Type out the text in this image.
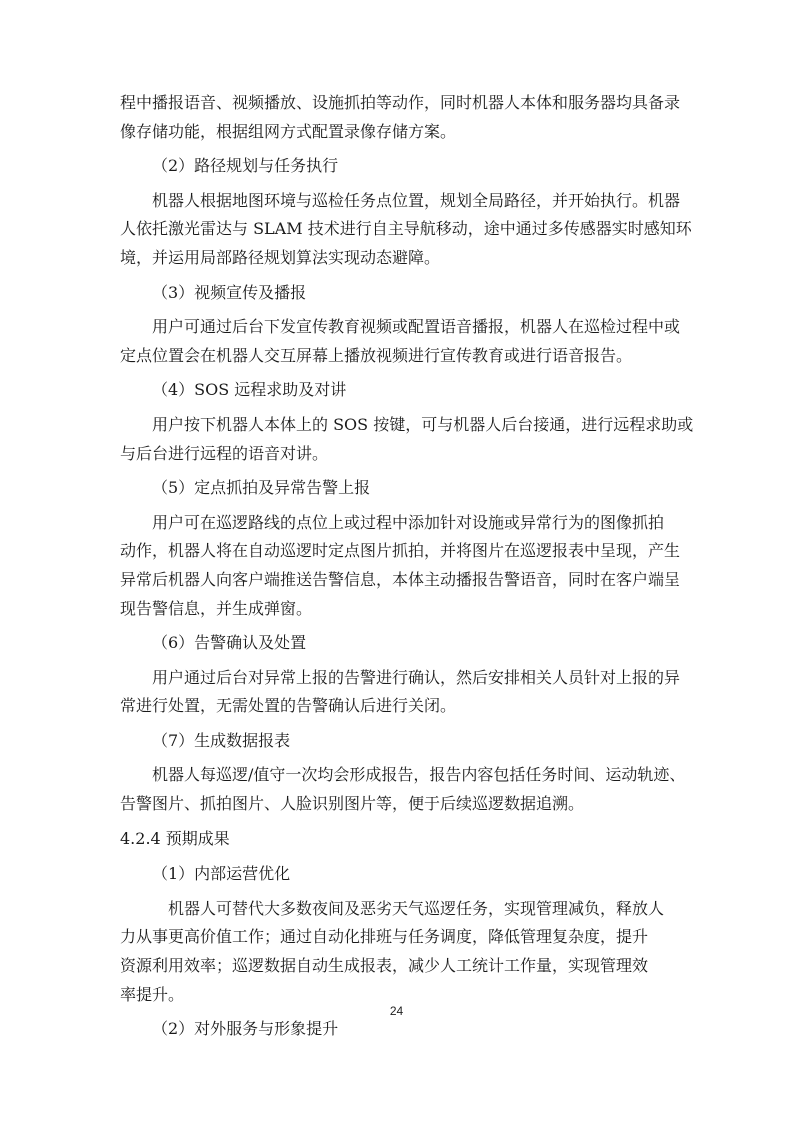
程中播报语音、视频播放、设施抓拍等动作，同时机器人本体和服务器均具备录
像存储功能，根据组网方式配置录像存储方案。
（2）路径规划与任务执行
机器人根据地图环境与巡检任务点位置，规划全局路径，并开始执行。机器
人依托激光雷达与 SLAM 技术进行自主导航移动，途中通过多传感器实时感知环
境，并运用局部路径规划算法实现动态避障。
（3）视频宣传及播报
用户可通过后台下发宣传教育视频或配置语音播报，机器人在巡检过程中或
定点位置会在机器人交互屏幕上播放视频进行宣传教育或进行语音报告。
（4）SOS 远程求助及对讲
用户按下机器人本体上的 SOS 按键，可与机器人后台接通，进行远程求助或
与后台进行远程的语音对讲。
（5）定点抓拍及异常告警上报
用户可在巡逻路线的点位上或过程中添加针对设施或异常行为的图像抓拍
动作，机器人将在自动巡逻时定点图片抓拍，并将图片在巡逻报表中呈现，产生
异常后机器人向客户端推送告警信息，本体主动播报告警语音，同时在客户端呈
现告警信息，并生成弹窗。
（6）告警确认及处置
用户通过后台对异常上报的告警进行确认，然后安排相关人员针对上报的异
常进行处置，无需处置的告警确认后进行关闭。
（7）生成数据报表
机器人每巡逻/值守一次均会形成报告，报告内容包括任务时间、运动轨迹、
告警图片、抓拍图片、人脸识别图片等，便于后续巡逻数据追溯。
4.2.4 预期成果
（1）内部运营优化
机器人可替代大多数夜间及恶劣天气巡逻任务，实现管理减负，释放人
力从事更高价值工作；通过自动化排班与任务调度，降低管理复杂度，提升
资源利用效率；巡逻数据自动生成报表，减少人工统计工作量，实现管理效
率提升。
（2）对外服务与形象提升
24
